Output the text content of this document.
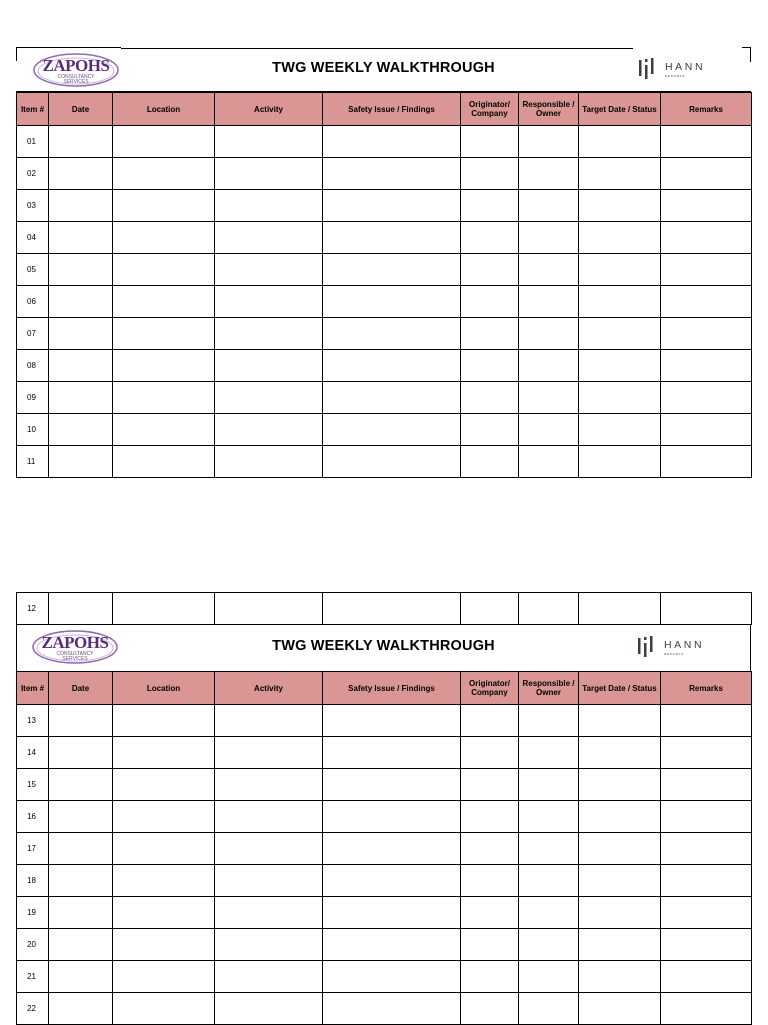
ZAPOHS
CONSULTANCY
SERVICES
TWG WEEKLY WALKTHROUGH	HANN
RESORTS
Item #	Date	Location	Activity	Safety Issue / Findings	Originator/ Company	Responsible / Owner	Target Date / Status	Remarks
01								
02								
03								
04								
05								
06								
07								
08								
09								
10								
11								
12								
ZAPOHS
CONSULTANCY
SERVICES
TWG WEEKLY WALKTHROUGH	HANN
RESORTS
Item #	Date	Location	Activity	Safety Issue / Findings	Originator/ Company	Responsible / Owner	Target Date / Status	Remarks
13								
14								
15								
16								
17								
18								
19								
20								
21								
22								
